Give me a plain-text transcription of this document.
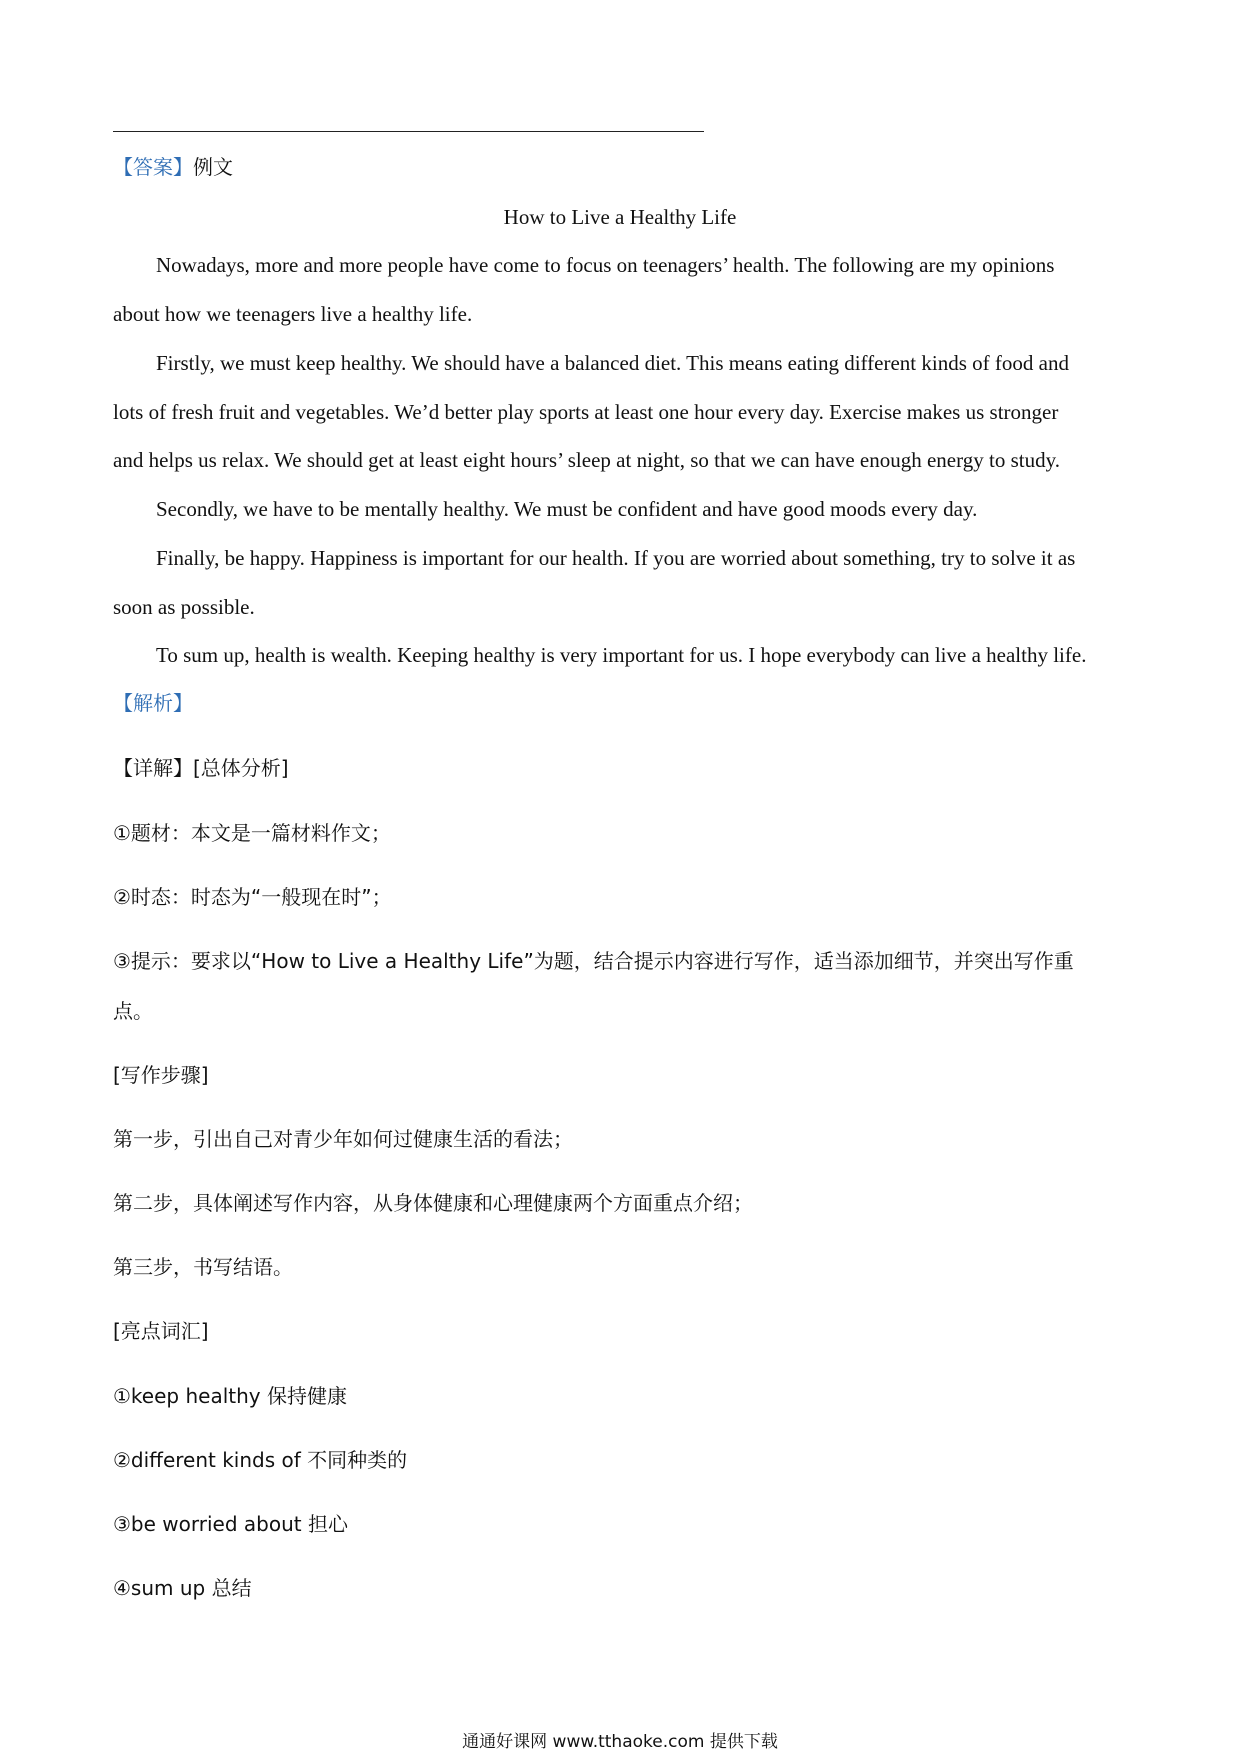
【答案】例文
How to Live a Healthy Life
Nowadays, more and more people have come to focus on teenagers’ health. The following are my opinions
about how we teenagers live a healthy life.
Firstly, we must keep healthy. We should have a balanced diet. This means eating different kinds of food and
lots of fresh fruit and vegetables. We’d better play sports at least one hour every day. Exercise makes us stronger
and helps us relax. We should get at least eight hours’ sleep at night, so that we can have enough energy to study.
Secondly, we have to be mentally healthy. We must be confident and have good moods every day.
Finally, be happy. Happiness is important for our health. If you are worried about something, try to solve it as
soon as possible.
To sum up, health is wealth. Keeping healthy is very important for us. I hope everybody can live a healthy life.
【解析】
【详解】[总体分析]
①题材：本文是一篇材料作文；
②时态：时态为“一般现在时”；
③提示：要求以“How to Live a Healthy Life”为题，结合提示内容进行写作，适当添加细节，并突出写作重
点。
[写作步骤]
第一步，引出自己对青少年如何过健康生活的看法；
第二步，具体阐述写作内容，从身体健康和心理健康两个方面重点介绍；
第三步，书写结语。
[亮点词汇]
①keep healthy 保持健康
②different kinds of 不同种类的
③be worried about 担心
④sum up 总结
通通好课网 www.tthaoke.com 提供下载
